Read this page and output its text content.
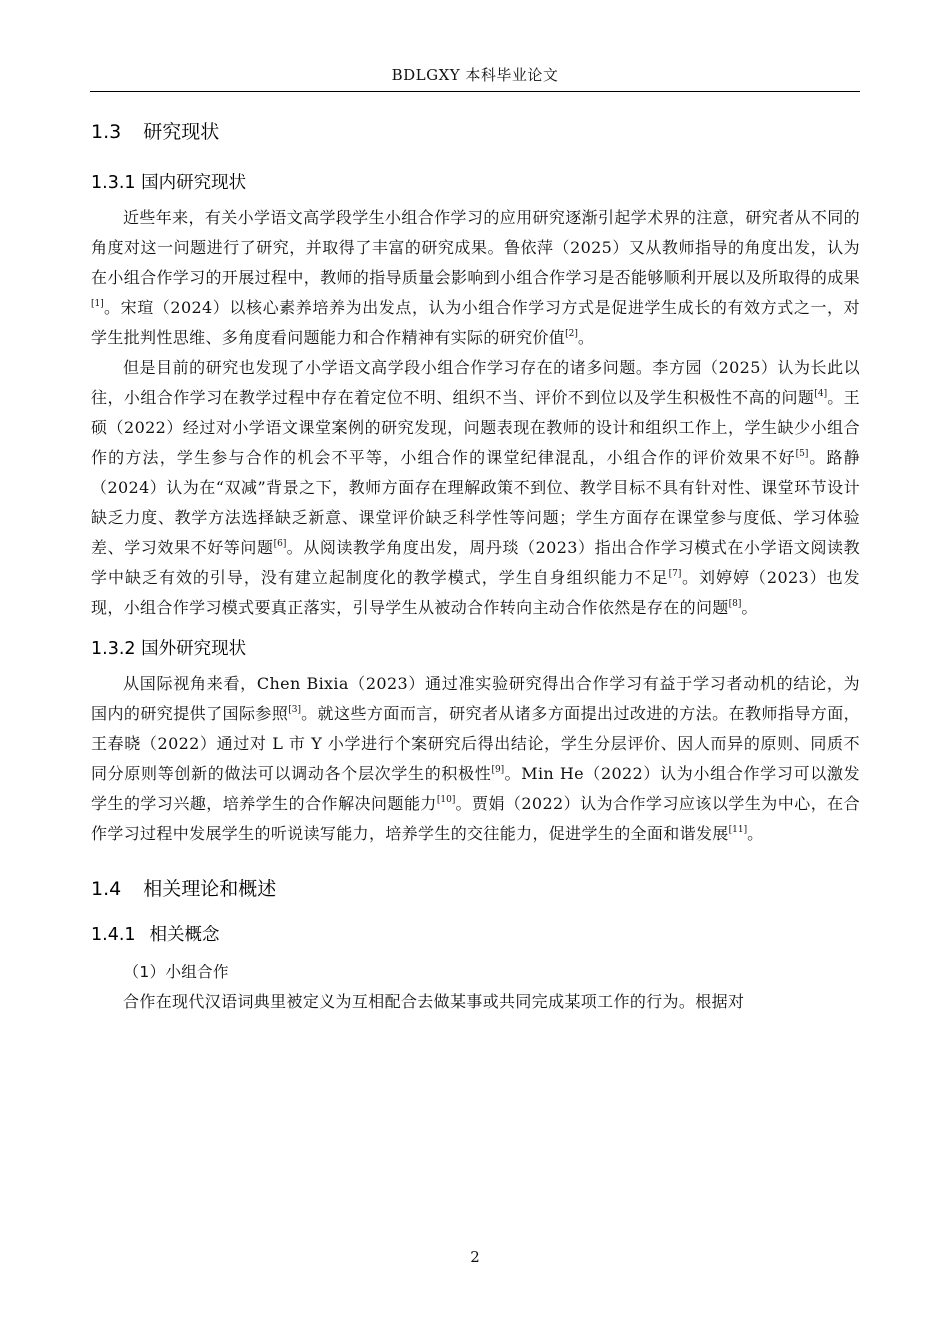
BDLGXY 本科毕业论文
1.3 研究现状
1.3.1 国内研究现状

近些年来，有关小学语文高学段学生小组合作学习的应用研究逐渐引起学术界的注意，研究者从不同的角度对这一问题进行了研究，并取得了丰富的研究成果。鲁依萍（2025）又从教师指导的角度出发，认为在小组合作学习的开展过程中，教师的指导质量会影响到小组合作学习是否能够顺利开展以及所取得的成果[1]。宋瑄（2024）以核心素养培养为出发点，认为小组合作学习方式是促进学生成长的有效方式之一，对学生批判性思维、多角度看问题能力和合作精神有实际的研究价值[2]。

但是目前的研究也发现了小学语文高学段小组合作学习存在的诸多问题。李方园（2025）认为长此以往，小组合作学习在教学过程中存在着定位不明、组织不当、评价不到位以及学生积极性不高的问题[4]。王硕（2022）经过对小学语文课堂案例的研究发现，问题表现在教师的设计和组织工作上，学生缺少小组合作的方法，学生参与合作的机会不平等，小组合作的课堂纪律混乱，小组合作的评价效果不好[5]。路静（2024）认为在“双减”背景之下，教师方面存在理解政策不到位、教学目标不具有针对性、课堂环节设计缺乏力度、教学方法选择缺乏新意、课堂评价缺乏科学性等问题；学生方面存在课堂参与度低、学习体验差、学习效果不好等问题[6]。从阅读教学角度出发，周丹琰（2023）指出合作学习模式在小学语文阅读教学中缺乏有效的引导，没有建立起制度化的教学模式，学生自身组织能力不足[7]。刘婷婷（2023）也发现，小组合作学习模式要真正落实，引导学生从被动合作转向主动合作依然是存在的问题[8]。

1.3.2 国外研究现状

从国际视角来看，Chen Bixia（2023）通过准实验研究得出合作学习有益于学习者动机的结论，为国内的研究提供了国际参照[3]。就这些方面而言，研究者从诸多方面提出过改进的方法。在教师指导方面，王春晓（2022）通过对 L 市 Y 小学进行个案研究后得出结论，学生分层评价、因人而异的原则、同质不同分原则等创新的做法可以调动各个层次学生的积极性[9]。Min He（2022）认为小组合作学习可以激发学生的学习兴趣，培养学生的合作解决问题能力[10]。贾娟（2022）认为合作学习应该以学生为中心，在合作学习过程中发展学生的听说读写能力，培养学生的交往能力，促进学生的全面和谐发展[11]。

1.4 相关理论和概述
1.4.1 相关概念

（1）小组合作

合作在现代汉语词典里被定义为互相配合去做某事或共同完成某项工作的行为。根据对

2
